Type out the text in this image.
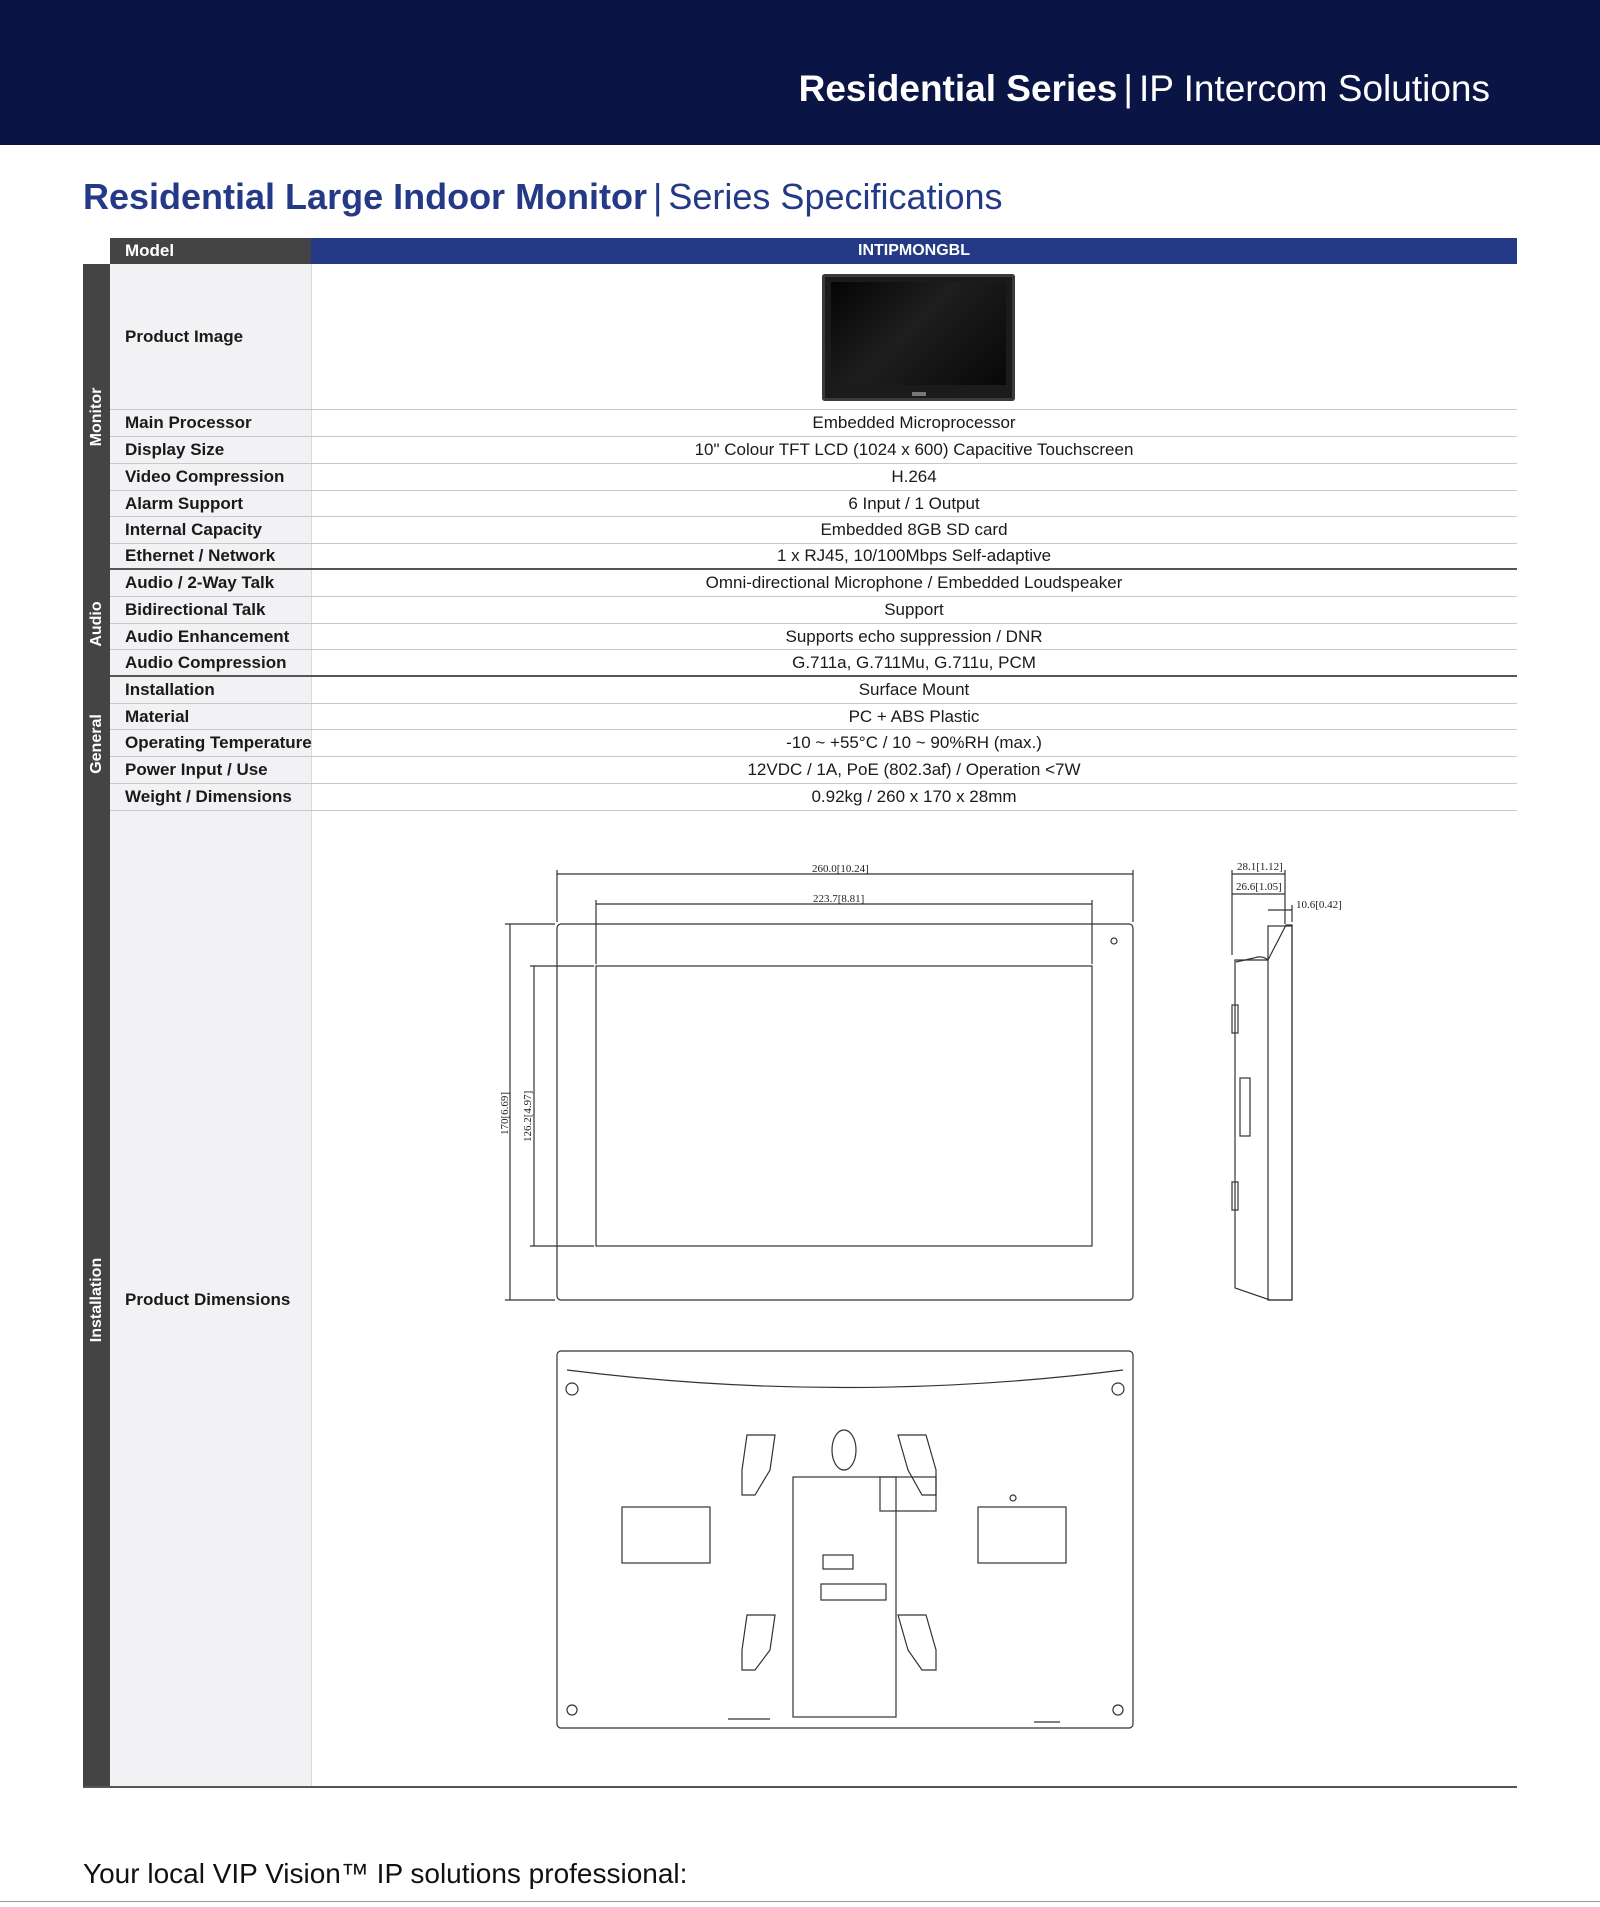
Residential Series | IP Intercom Solutions
Residential Large Indoor Monitor | Series Specifications
Model	INTIPMONGBL
Monitor
Audio
General
Installation
Product Image
Main Processor	Embedded Microprocessor
Display Size	10" Colour TFT LCD (1024 x 600) Capacitive Touchscreen
Video Compression	H.264
Alarm Support	6 Input / 1 Output
Internal Capacity	Embedded 8GB SD card
Ethernet / Network	1 x RJ45, 10/100Mbps Self-adaptive
Audio / 2-Way Talk	Omni-directional Microphone / Embedded Loudspeaker
Bidirectional Talk	Support
Audio Enhancement	Supports echo suppression / DNR
Audio Compression	G.711a, G.711Mu, G.711u, PCM
Installation	Surface Mount
Material	PC + ABS Plastic
Operating Temperature	-10 ~ +55°C / 10 ~ 90%RH (max.)
Power Input / Use	12VDC / 1A, PoE (802.3af) / Operation <7W
Weight / Dimensions	0.92kg / 260 x 170 x 28mm
Product Dimensions
260.0[10.24]
223.7[8.81]
170[6.69] 126.2[4.97]
28.1[1.12]
26.6[1.05]
10.6[0.42]
Your local VIP Vision™ IP solutions professional:
